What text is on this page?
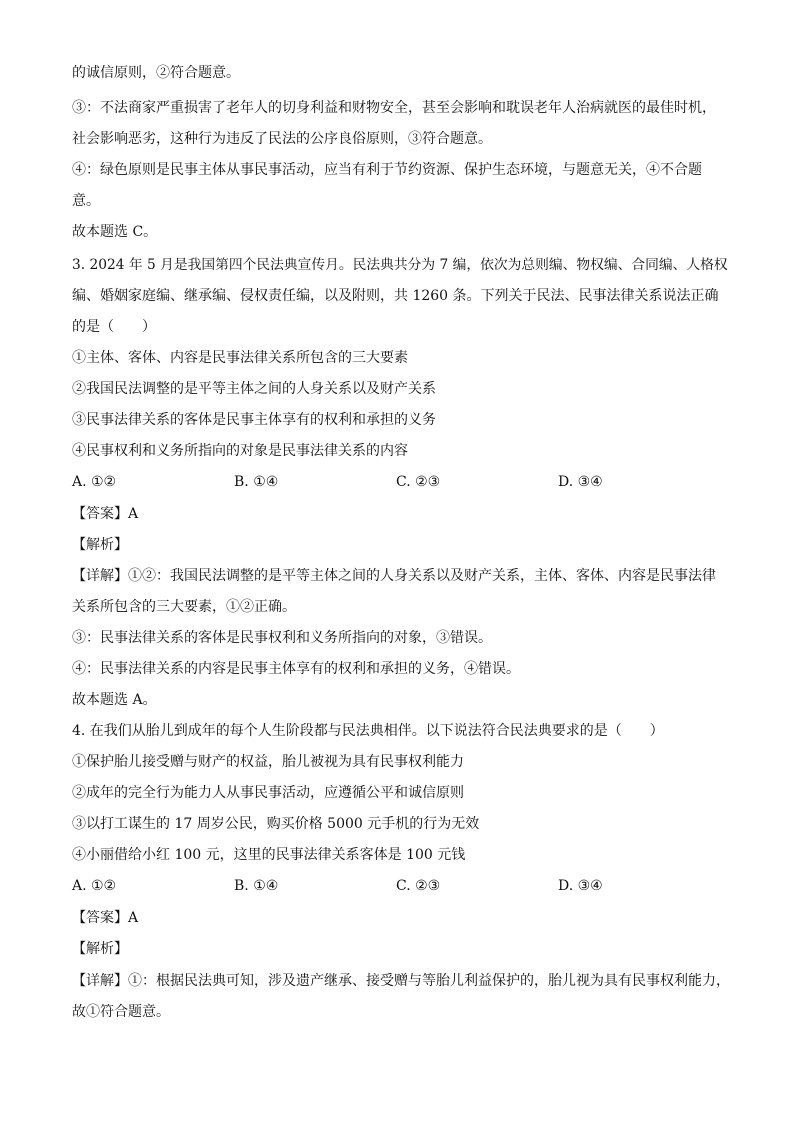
的诚信原则，②符合题意。
③：不法商家严重损害了老年人的切身利益和财物安全，甚至会影响和耽误老年人治病就医的最佳时机，
社会影响恶劣，这种行为违反了民法的公序良俗原则，③符合题意。
④：绿色原则是民事主体从事民事活动，应当有利于节约资源、保护生态环境，与题意无关，④不合题
意。
故本题选 C。
3. 2024 年 5 月是我国第四个民法典宣传月。民法典共分为 7 编，依次为总则编、物权编、合同编、人格权
编、婚姻家庭编、继承编、侵权责任编，以及附则，共 1260 条。下列关于民法、民事法律关系说法正确
的是（　　）
①主体、客体、内容是民事法律关系所包含的三大要素
②我国民法调整的是平等主体之间的人身关系以及财产关系
③民事法律关系的客体是民事主体享有的权利和承担的义务
④民事权利和义务所指向的对象是民事法律关系的内容
A. ①②	B. ①④	C. ②③	D. ③④
【答案】A
【解析】
【详解】①②：我国民法调整的是平等主体之间的人身关系以及财产关系，主体、客体、内容是民事法律
关系所包含的三大要素，①②正确。
③：民事法律关系的客体是民事权利和义务所指向的对象，③错误。
④：民事法律关系的内容是民事主体享有的权利和承担的义务，④错误。
故本题选 A。
4. 在我们从胎儿到成年的每个人生阶段都与民法典相伴。以下说法符合民法典要求的是（　　）
①保护胎儿接受赠与财产的权益，胎儿被视为具有民事权利能力
②成年的完全行为能力人从事民事活动，应遵循公平和诚信原则
③以打工谋生的 17 周岁公民，购买价格 5000 元手机的行为无效
④小丽借给小红 100 元，这里的民事法律关系客体是 100 元钱
A. ①②	B. ①④	C. ②③	D. ③④
【答案】A
【解析】
【详解】①：根据民法典可知，涉及遗产继承、接受赠与等胎儿利益保护的，胎儿视为具有民事权利能力，
故①符合题意。
